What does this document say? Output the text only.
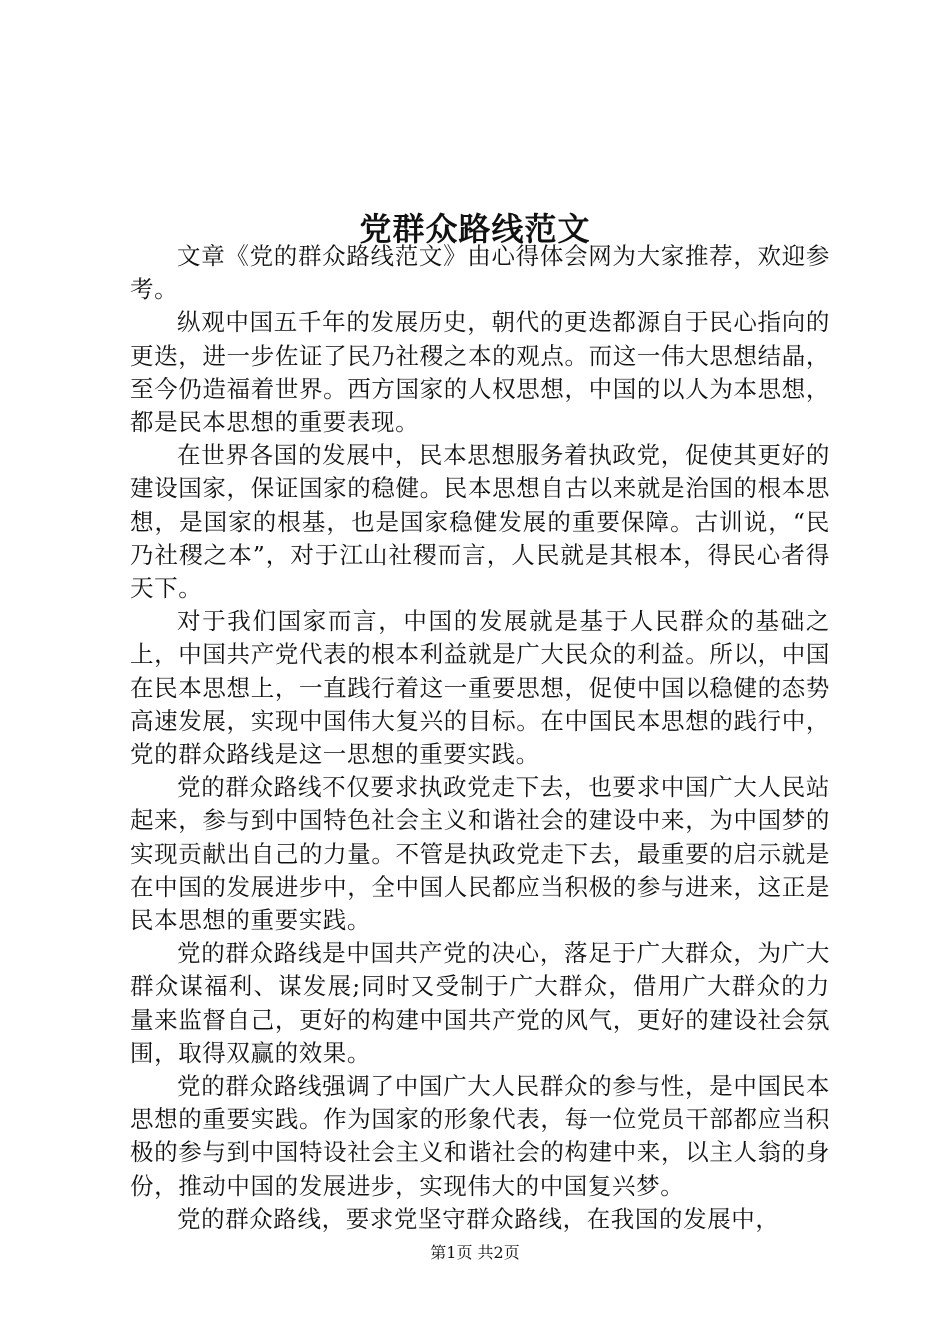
党群众路线范文

文章《党的群众路线范文》由心得体会网为大家推荐，欢迎参考。

纵观中国五千年的发展历史，朝代的更迭都源自于民心指向的更迭，进一步佐证了民乃社稷之本的观点。而这一伟大思想结晶，至今仍造福着世界。西方国家的人权思想，中国的以人为本思想，都是民本思想的重要表现。

在世界各国的发展中，民本思想服务着执政党，促使其更好的建设国家，保证国家的稳健。民本思想自古以来就是治国的根本思想，是国家的根基，也是国家稳健发展的重要保障。古训说，“民乃社稷之本”，对于江山社稷而言，人民就是其根本，得民心者得天下。

对于我们国家而言，中国的发展就是基于人民群众的基础之上，中国共产党代表的根本利益就是广大民众的利益。所以，中国在民本思想上，一直践行着这一重要思想，促使中国以稳健的态势高速发展，实现中国伟大复兴的目标。在中国民本思想的践行中，党的群众路线是这一思想的重要实践。

党的群众路线不仅要求执政党走下去，也要求中国广大人民站起来，参与到中国特色社会主义和谐社会的建设中来，为中国梦的实现贡献出自己的力量。不管是执政党走下去，最重要的启示就是在中国的发展进步中，全中国人民都应当积极的参与进来，这正是民本思想的重要实践。

党的群众路线是中国共产党的决心，落足于广大群众，为广大群众谋福利、谋发展;同时又受制于广大群众，借用广大群众的力量来监督自己，更好的构建中国共产党的风气，更好的建设社会氛围，取得双赢的效果。

党的群众路线强调了中国广大人民群众的参与性，是中国民本思想的重要实践。作为国家的形象代表，每一位党员干部都应当积极的参与到中国特设社会主义和谐社会的构建中来，以主人翁的身份，推动中国的发展进步，实现伟大的中国复兴梦。

党的群众路线，要求党坚守群众路线，在我国的发展中，

第1页 共2页
